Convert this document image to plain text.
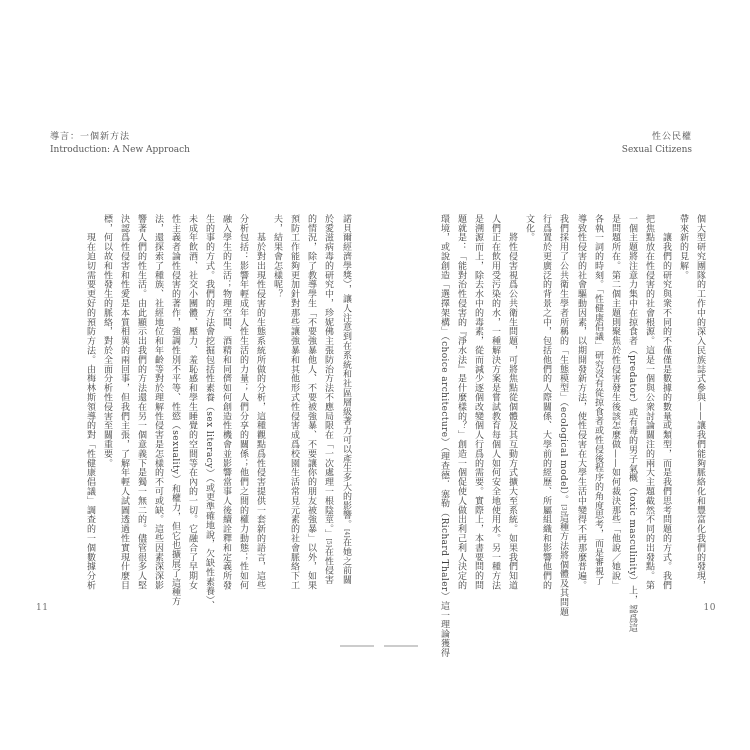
導言：一個新方法
Introduction: A New Approach
諾貝爾經濟學獎），讓人注意到在系統和社區層級著力可以產生多大的影響。[4]在她之前關
於愛滋病毒的研究中，珍妮佛主張防治方法不應局限在「一次處理一根陰莖。」[5]在性侵害
的情況，除了教導學生「不要強暴他人、不要被強暴、不要讓你的朋友被強暴」以外，如果
預防工作能夠更加針對那些讓強暴和其他形式性侵害成爲校園生活常見元素的社會脈絡下工
夫，結果會怎樣呢？
　　基於對出現性侵害的生態系統所做的分析，這種觀點爲性侵害提供一套新的語言，這些
分析包括：影響年輕成年人性生活的力量；人們分享的關係；他們之間的權力動態；性如何
融入學生的生活；物理空間、酒精和同儕如何創造性機會並影響當事人後續詮釋和定義所發
生的事的方式。我們的方法會挖掘包括性素養（sex literacy）（或更準確地說，欠缺性素養）、
未成年飲酒、社交小團體、壓力、羞恥感和學生睡覺的空間等在內的一切。它融合了早期女
性主義者論性侵害的著作，強調性別不平等、性慾（sexuality）和權力，但它也擴展了這種方
法，還探索了種族、社經地位和年齡等對於理解性侵害是怎樣的不可或缺。這些因素深深影
響著人們的性生活。由此顯示出我們的方法還在另一個意義下是獨一無二的。儘管很多人堅
決認爲性侵害和性愛是本質相異的兩回事，但我們主張，了解年輕人試圖透過性實現什麼目
標，何以故和性發生的脈絡，對於全面分析性侵害至關重要。
　　現在迫切需要更好的預防方法。由梅林斯領導的對「性健康倡議」調查的一個數據分析
11
性公民權
Sexual Citizens
個大型研究團隊的工作中的深入民族誌式參與——讓我們能夠脈絡化和豐富化我們的發現，
帶來新的見解。
　　讓我們的研究與衆不同的不僅僅是數據的數量或類型，而是我們思考問題的方式。我們
把焦點放在性侵害的社會根源。這是一個與公衆討論關注的兩大主題截然不同的出發點。第
一個主題將注意力集中在掠食者（predator）或有毒的男子氣概（toxic masculinity）上，認爲這
是問題所在。第二個主題則聚焦於性侵害發生後該怎麼做——如何裁決那些「他說／她說」
各執一詞的時刻。「性健康倡議」研究沒有從掠食者或性侵後程序的角度思考，而是審視了
導致性侵害的社會驅動因素，以期開發新方法，使性侵害在大學生活中變得不再那麼普遍。
我們採用了公共衛生學者所稱的「生態模型」（ecological model）。[3]這種方法將個體及其問題
行爲置於更廣泛的背景之中，包括他們的人際關係、大學前的經歷、所屬組織和影響他們的
文化。
　　將性侵害視爲公共衛生問題，可將焦點從個體及其互動方式擴大至系統。如果我們知道
人們正在飲用受污染的水，一種解決方案是嘗試教育每個人如何安全地使用水。另一種方法
是溯源而上，除去水中的毒素，從而減少逐個改變個人行爲的需要。實際上，本書要問的問
題就是：「能對治性侵害的『淨水法』是什麼樣的？」創造一個促使人做出利己利人決定的
環境，或說創造「選擇架構」（choice architecture）（理查德．塞勒（Richard Thaler）這一理論獲得	10
